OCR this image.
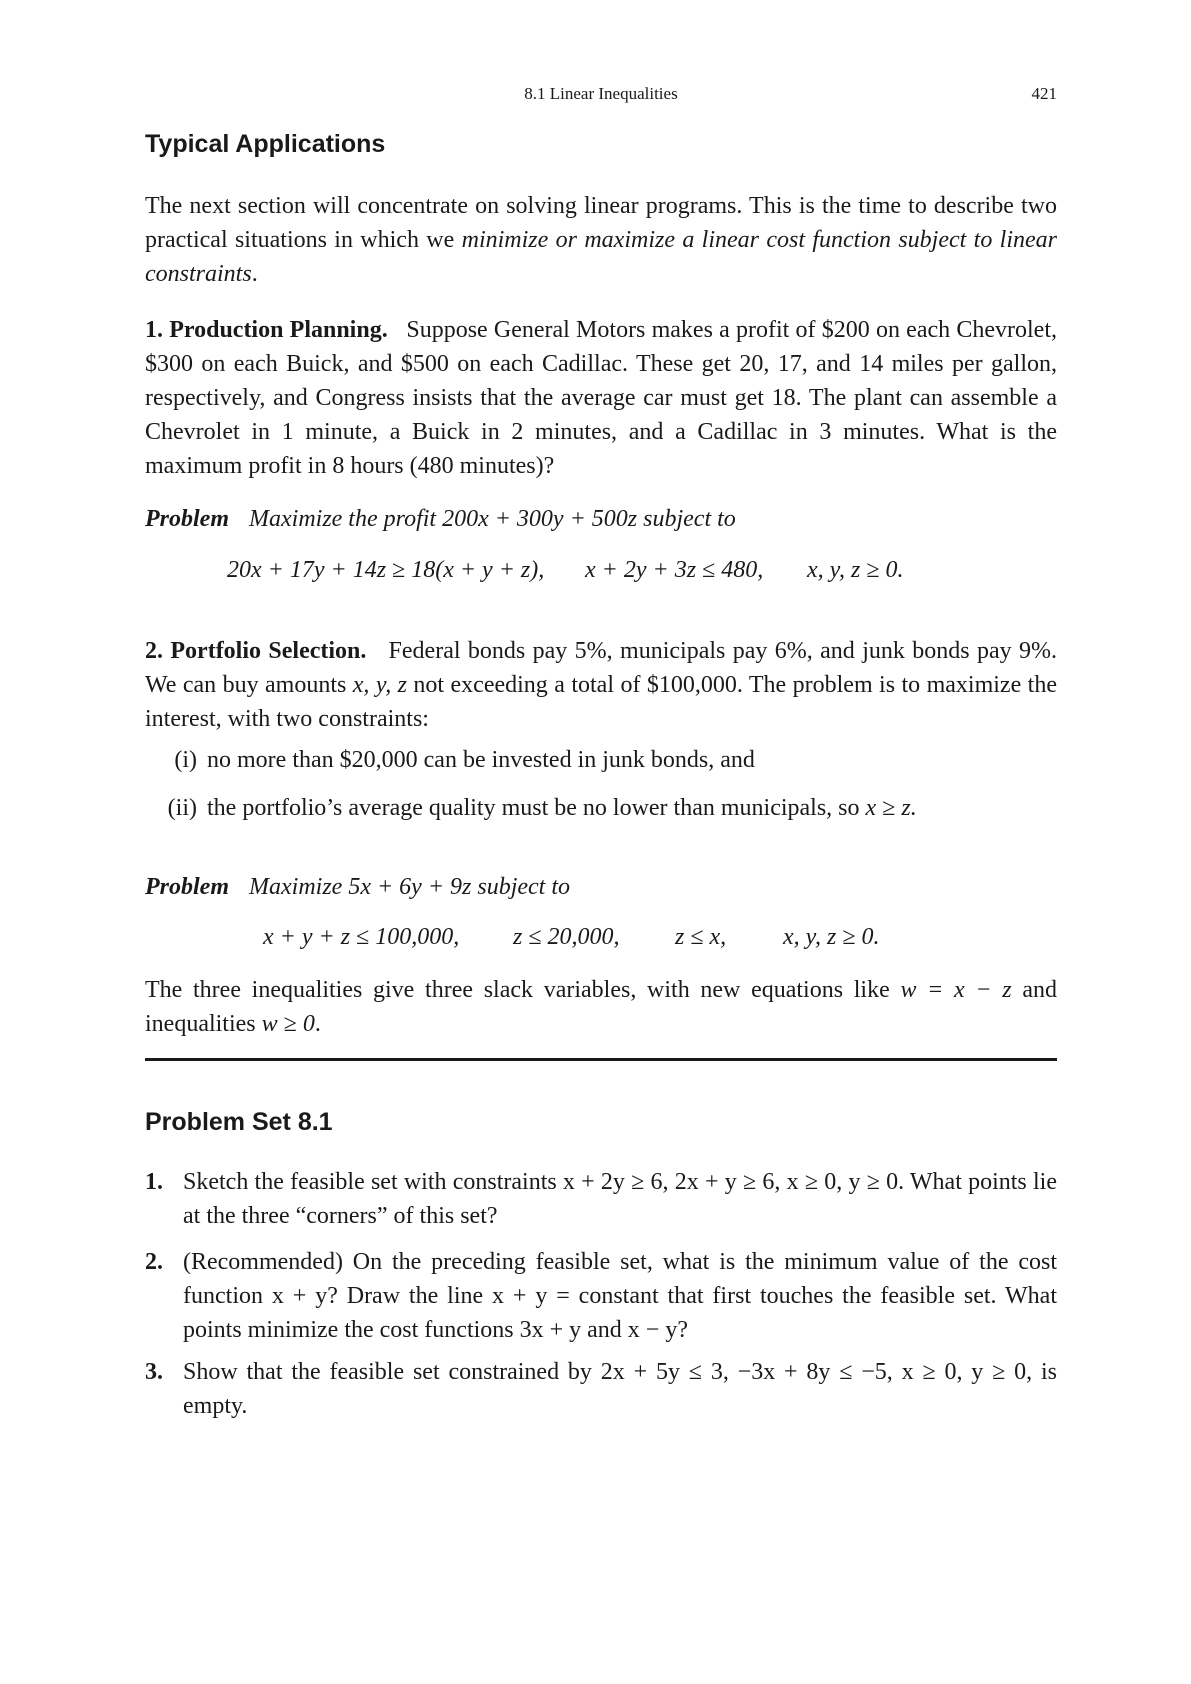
8.1 Linear Inequalities	421
Typical Applications
The next section will concentrate on solving linear programs. This is the time to describe two practical situations in which we minimize or maximize a linear cost function subject to linear constraints.
1. Production Planning. Suppose General Motors makes a profit of $200 on each Chevrolet, $300 on each Buick, and $500 on each Cadillac. These get 20, 17, and 14 miles per gallon, respectively, and Congress insists that the average car must get 18. The plant can assemble a Chevrolet in 1 minute, a Buick in 2 minutes, and a Cadillac in 3 minutes. What is the maximum profit in 8 hours (480 minutes)?
Problem Maximize the profit 200x + 300y + 500z subject to
20x + 17y + 14z ≥ 18(x + y + z), x + 2y + 3z ≤ 480, x, y, z ≥ 0.
2. Portfolio Selection. Federal bonds pay 5%, municipals pay 6%, and junk bonds pay 9%. We can buy amounts x, y, z not exceeding a total of $100,000. The problem is to maximize the interest, with two constraints:
(i) no more than $20,000 can be invested in junk bonds, and
(ii) the portfolio’s average quality must be no lower than municipals, so x ≥ z.
Problem Maximize 5x + 6y + 9z subject to
x + y + z ≤ 100,000, z ≤ 20,000, z ≤ x, x, y, z ≥ 0.
The three inequalities give three slack variables, with new equations like w = x − z and inequalities w ≥ 0.
Problem Set 8.1
1. Sketch the feasible set with constraints x + 2y ≥ 6, 2x + y ≥ 6, x ≥ 0, y ≥ 0. What points lie at the three “corners” of this set?
2. (Recommended) On the preceding feasible set, what is the minimum value of the cost function x + y? Draw the line x + y = constant that first touches the feasible set. What points minimize the cost functions 3x + y and x − y?
3. Show that the feasible set constrained by 2x + 5y ≤ 3, −3x + 8y ≤ −5, x ≥ 0, y ≥ 0, is empty.
